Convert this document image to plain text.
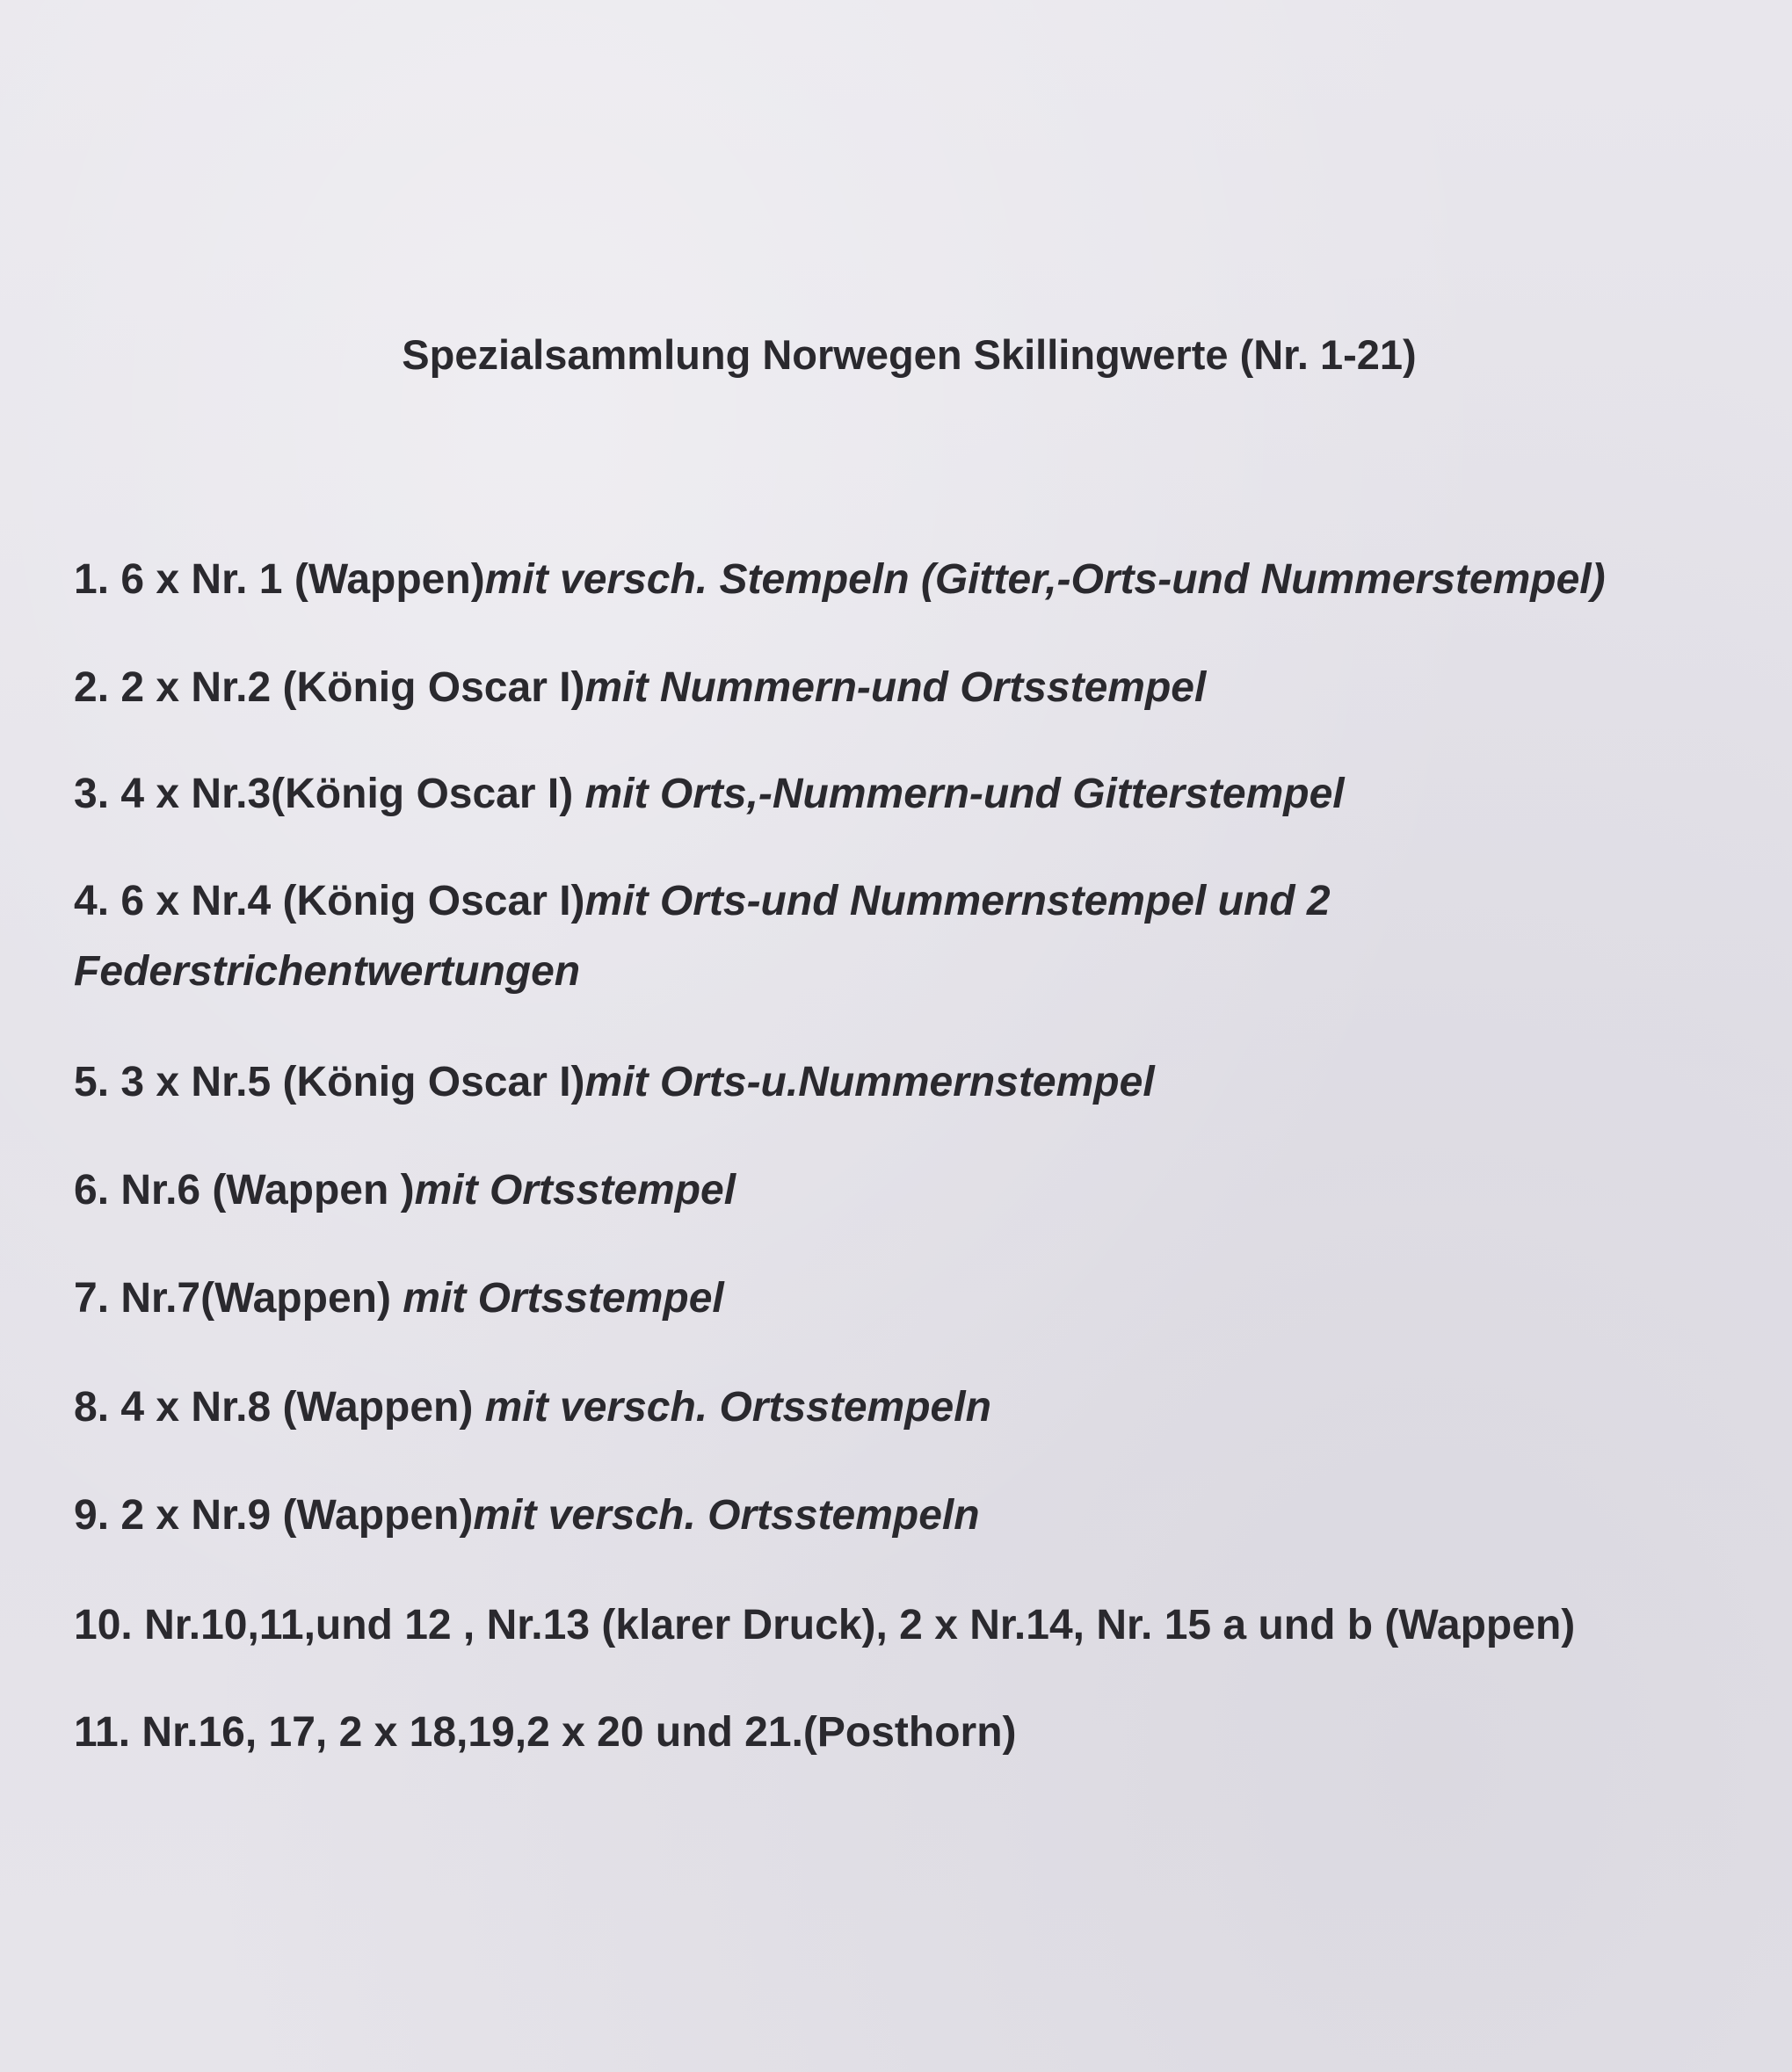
Spezialsammlung Norwegen Skillingwerte (Nr. 1-21)
1. 6 x Nr. 1 (Wappen)mit versch. Stempeln (Gitter,-Orts-und Nummerstempel)
2. 2 x Nr.2 (König Oscar I)mit Nummern-und Ortsstempel
3. 4 x Nr.3(König Oscar I) mit Orts,-Nummern-und Gitterstempel
4. 6 x Nr.4 (König Oscar I)mit Orts-und Nummernstempel und 2 Federstrichentwertungen
5. 3 x Nr.5 (König Oscar I)mit Orts-u.Nummernstempel
6. Nr.6 (Wappen )mit Ortsstempel
7. Nr.7(Wappen) mit Ortsstempel
8. 4 x Nr.8 (Wappen) mit versch. Ortsstempeln
9. 2 x Nr.9 (Wappen)mit versch. Ortsstempeln
10. Nr.10,11,und 12 , Nr.13 (klarer Druck), 2 x Nr.14, Nr. 15 a und b (Wappen)
11. Nr.16, 17, 2 x 18,19,2 x 20 und 21.(Posthorn)
